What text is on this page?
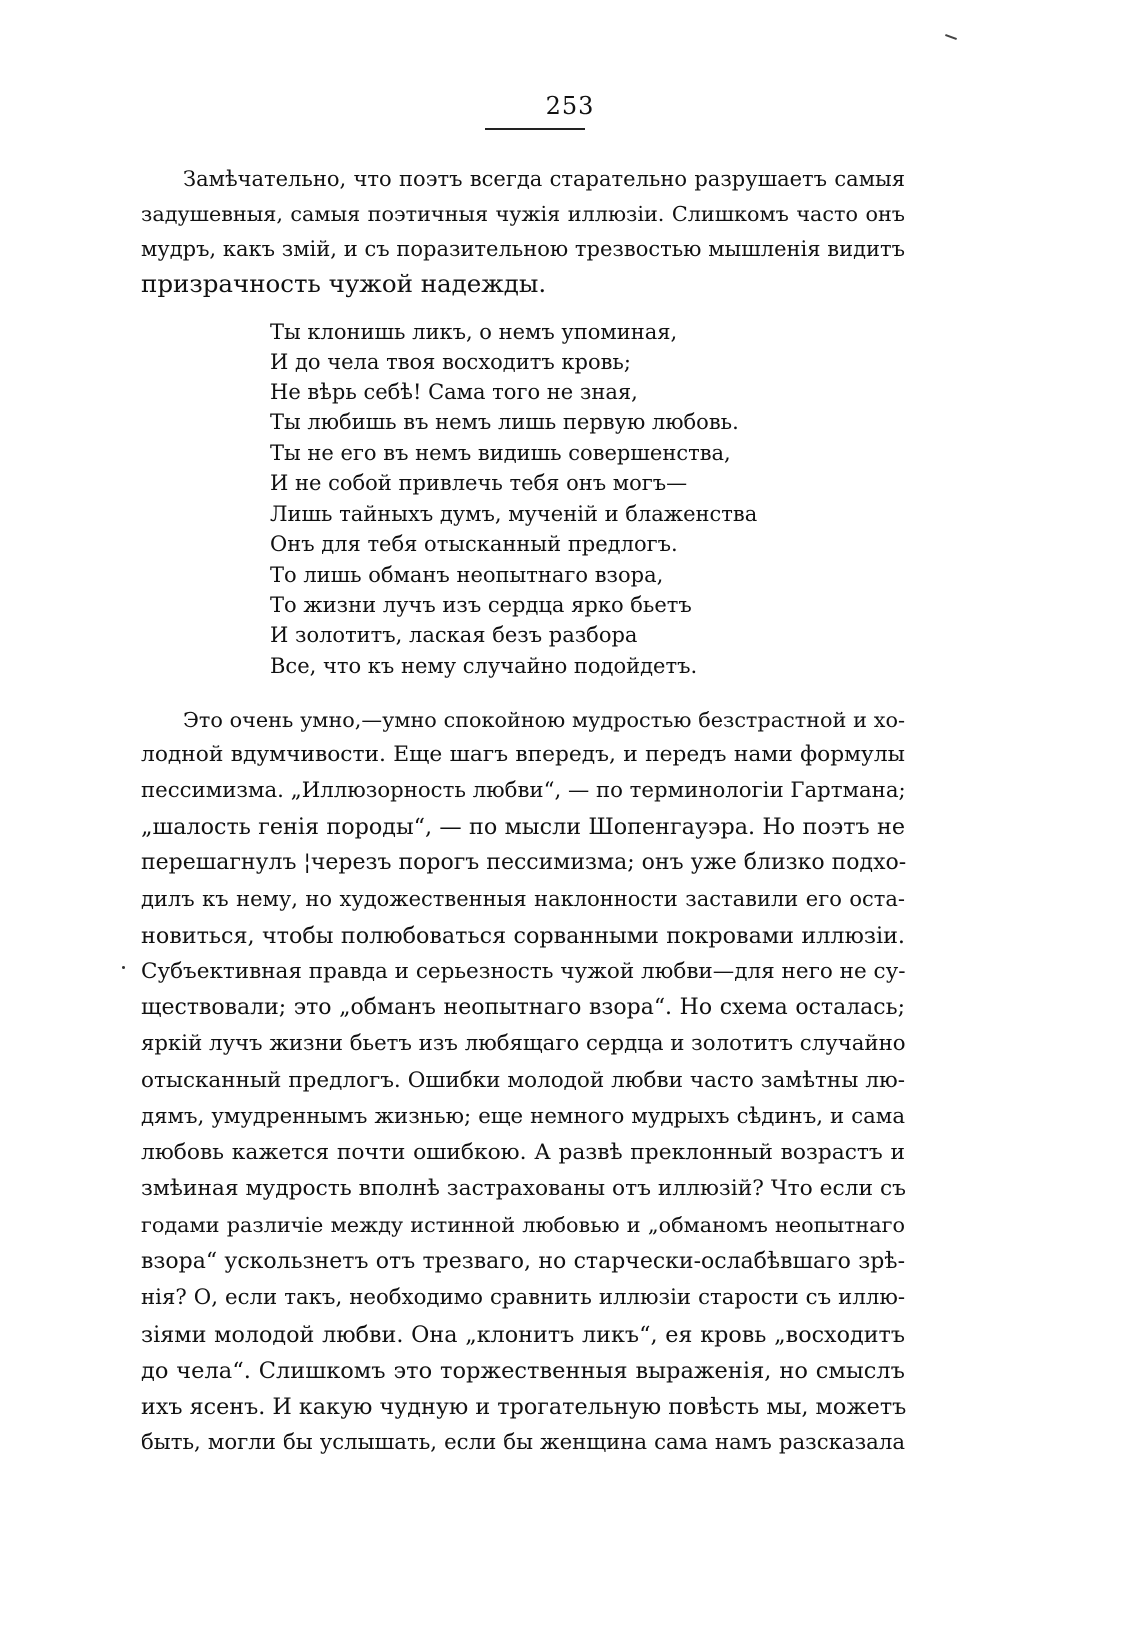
253
Замѣчательно, что поэтъ всегда старательно разрушаетъ самыя
задушевныя, самыя поэтичныя чужія иллюзіи. Слишкомъ часто онъ
мудръ, какъ змій, и съ поразительною трезвостью мышленія видитъ
призрачность чужой надежды.
Ты клонишь ликъ, о немъ упоминая,
И до чела твоя восходитъ кровь;
Не вѣрь себѣ! Сама того не зная,
Ты любишь въ немъ лишь первую любовь.
Ты не его въ немъ видишь совершенства,
И не собой привлечь тебя онъ могъ—
Лишь тайныхъ думъ, мученій и блаженства
Онъ для тебя отысканный предлогъ.
То лишь обманъ неопытнаго взора,
То жизни лучъ изъ сердца ярко бьетъ
И золотитъ, лаская безъ разбора
Все, что къ нему случайно подойдетъ.
Это очень умно,—умно спокойною мудростью безстрастной и хо-
лодной вдумчивости. Еще шагъ впередъ, и передъ нами формулы
пессимизма. „Иллюзорность любви“, — по терминологіи Гартмана;
„шалость генія породы“, — по мысли Шопенгауэра. Но поэтъ не
перешагнулъ ¦черезъ порогъ пессимизма; онъ уже близко подхо-
дилъ къ нему, но художественныя наклонности заставили его оста-
новиться, чтобы полюбоваться сорванными покровами иллюзіи.
Субъективная правда и серьезность чужой любви—для него не су-
ществовали; это „обманъ неопытнаго взора“. Но схема осталась;
яркій лучъ жизни бьетъ изъ любящаго сердца и золотитъ случайно
отысканный предлогъ. Ошибки молодой любви часто замѣтны лю-
дямъ, умудреннымъ жизнью; еще немного мудрыхъ сѣдинъ, и сама
любовь кажется почти ошибкою. А развѣ преклонный возрастъ и
змѣиная мудрость вполнѣ застрахованы отъ иллюзій? Что если съ
годами различіе между истинной любовью и „обманомъ неопытнаго
взора“ ускользнетъ отъ трезваго, но старчески-ослабѣвшаго зрѣ-
нія? О, если такъ, необходимо сравнить иллюзіи старости съ иллю-
зіями молодой любви. Она „клонитъ ликъ“, ея кровь „восходитъ
до чела“. Слишкомъ это торжественныя выраженія, но смыслъ
ихъ ясенъ. И какую чудную и трогательную повѣсть мы, можетъ
быть, могли бы услышать, если бы женщина сама намъ разсказала
